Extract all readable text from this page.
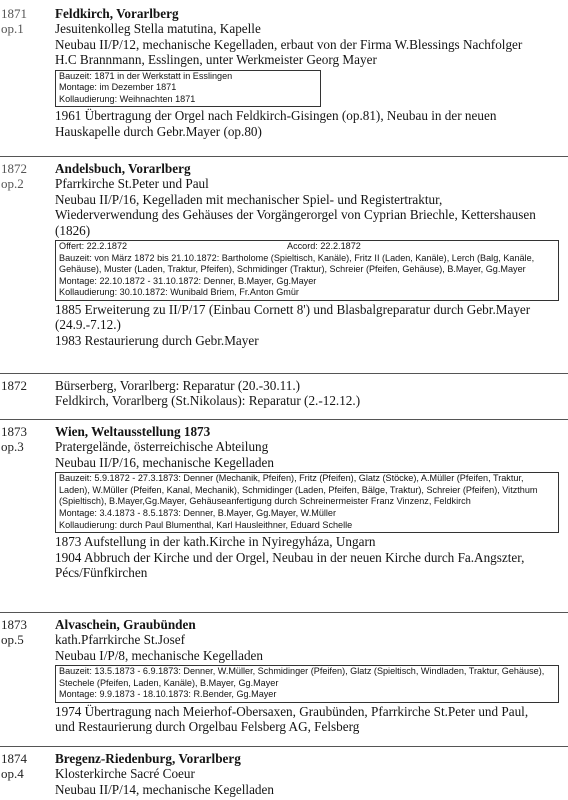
1871
op.1
Feldkirch, Vorarlberg
Jesuitenkolleg Stella matutina, Kapelle
Neubau II/P/12, mechanische Kegelladen, erbaut von der Firma W.Blessings Nachfolger
H.C Brannmann, Esslingen, unter Werkmeister Georg Mayer
Bauzeit: 1871 in der Werkstatt in Esslingen
Montage: im Dezember 1871
Kollaudierung: Weihnachten 1871
1961 Übertragung der Orgel nach Feldkirch-Gisingen (op.81), Neubau in der neuen
Hauskapelle durch Gebr.Mayer (op.80)
1872
op.2
Andelsbuch, Vorarlberg
Pfarrkirche St.Peter und Paul
Neubau II/P/16, Kegelladen mit mechanischer Spiel- und Registertraktur,
Wiederverwendung des Gehäuses der Vorgängerorgel von Cyprian Briechle, Kettershausen
(1826)
Offert: 22.2.1872	Accord: 22.2.1872
Bauzeit: von März 1872 bis 21.10.1872: Bartholome (Spieltisch, Kanäle), Fritz II (Laden, Kanäle), Lerch (Balg, Kanäle, Gehäuse), Muster (Laden, Traktur, Pfeifen), Schmidinger (Traktur), Schreier (Pfeifen, Gehäuse), B.Mayer, Gg.Mayer
Montage: 22.10.1872 - 31.10.1872: Denner, B.Mayer, Gg.Mayer
Kollaudierung: 30.10.1872: Wunibald Briem, Fr.Anton Gmür
1885 Erweiterung zu II/P/17 (Einbau Cornett 8') und Blasbalgreparatur durch Gebr.Mayer
(24.9.-7.12.)
1983 Restaurierung durch Gebr.Mayer
1872	Bürserberg, Vorarlberg: Reparatur (20.-30.11.)
Feldkirch, Vorarlberg (St.Nikolaus): Reparatur (2.-12.12.)
1873
op.3
Wien, Weltausstellung 1873
Pratergelände, österreichische Abteilung
Neubau II/P/16, mechanische Kegelladen
Bauzeit: 5.9.1872 - 27.3.1873: Denner (Mechanik, Pfeifen), Fritz (Pfeifen), Glatz (Stöcke), A.Müller (Pfeifen, Traktur, Laden), W.Müller (Pfeifen, Kanal, Mechanik), Schmidinger (Laden, Pfeifen, Bälge, Traktur), Schreier (Pfeifen), Vitzthum (Spieltisch), B.Mayer,Gg.Mayer, Gehäuseanfertigung durch Schreinermeister Franz Vinzenz, Feldkirch
Montage: 3.4.1873 - 8.5.1873: Denner, B.Mayer, Gg.Mayer, W.Müller
Kollaudierung: durch Paul Blumenthal, Karl Hausleithner, Eduard Schelle
1873 Aufstellung in der kath.Kirche in Nyiregyháza, Ungarn
1904 Abbruch der Kirche und der Orgel, Neubau in der neuen Kirche durch Fa.Angszter,
Pécs/Fünfkirchen
1873
op.5
Alvaschein, Graubünden
kath.Pfarrkirche St.Josef
Neubau I/P/8, mechanische Kegelladen
Bauzeit: 13.5.1873 - 6.9.1873: Denner, W.Müller, Schmidinger (Pfeifen), Glatz (Spieltisch, Windladen, Traktur, Gehäuse), Stechele (Pfeifen, Laden, Kanäle), B.Mayer, Gg.Mayer
Montage: 9.9.1873 - 18.10.1873: R.Bender, Gg.Mayer
1974 Übertragung nach Meierhof-Obersaxen, Graubünden, Pfarrkirche St.Peter und Paul,
und Restaurierung durch Orgelbau Felsberg AG, Felsberg
1874
op.4
Bregenz-Riedenburg, Vorarlberg
Klosterkirche Sacré Coeur
Neubau II/P/14, mechanische Kegelladen
